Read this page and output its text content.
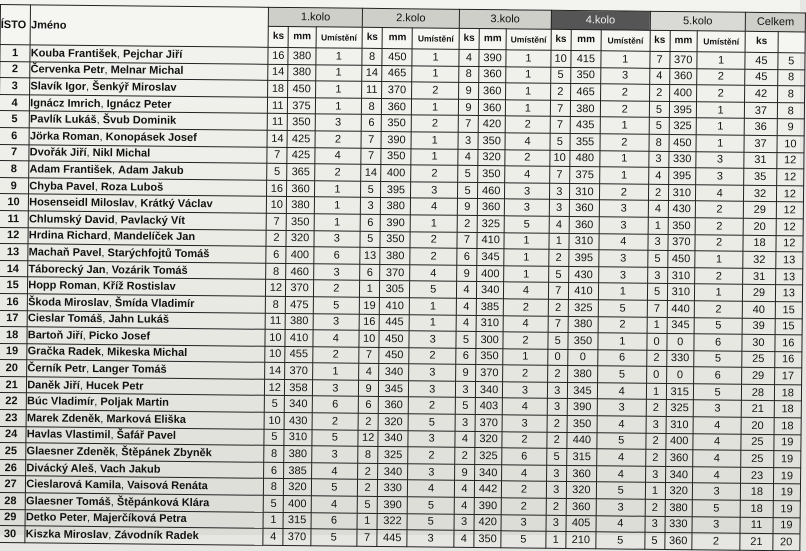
ÍSTO	Jméno	1.kolo			2.kolo			3.kolo			4.kolo			5.kolo			Celkem	
		ks	mm	Umístění	ks	mm	Umístění	ks	mm	Umístění	ks	mm	Umístění	ks	mm	Umístění	ks	
1	Kouba František, Pejchar Jiří	16	380	1	8	450	1	4	390	1	10	415	1	7	370	1	45	5
2	Červenka Petr, Melnar Michal	14	380	1	14	465	1	8	360	1	5	350	3	4	360	2	45	8
3	Slavík Igor, Šenkýř Miroslav	18	450	1	11	370	2	9	360	1	2	465	2	2	400	2	42	8
4	Ignácz Imrich, Ignácz Peter	11	375	1	8	360	1	9	360	1	7	380	2	5	395	1	37	8
5	Pavlík Lukáš, Švub Dominik	11	350	3	6	350	2	7	420	2	7	435	1	5	325	1	36	9
6	Jörka Roman, Konopásek Josef	14	425	2	7	390	1	3	350	4	5	355	2	8	450	1	37	10
7	Dvořák Jiří, Nikl Michal	7	425	4	7	350	1	4	320	2	10	480	1	3	330	3	31	12
8	Adam František, Adam Jakub	5	365	2	14	400	2	5	350	4	7	375	1	4	395	3	35	12
9	Chyba Pavel, Roza Luboš	16	360	1	5	395	3	5	460	3	3	310	2	2	310	4	32	12
10	Hosenseidl Miloslav, Krátký Václav	10	380	1	3	380	4	9	360	3	3	360	3	4	430	2	29	12
11	Chlumský David, Pavlacký Vít	7	350	1	6	390	1	2	325	5	4	360	3	1	350	2	20	12
12	Hrdina Richard, Mandelíček Jan	2	320	3	5	350	2	7	410	1	1	310	4	3	370	2	18	12
13	Machaň Pavel, Starýchfojtů Tomáš	6	400	6	13	380	2	6	345	1	2	395	3	5	450	1	32	13
14	Táborecký Jan, Vozárik Tomáš	8	460	3	6	370	4	9	400	1	5	430	3	3	310	2	31	13
15	Hopp Roman, Kříž Rostislav	12	370	2	1	305	5	4	340	4	7	410	1	5	310	1	29	13
16	Škoda Miroslav, Šmída Vladimír	8	475	5	19	410	1	4	385	2	2	325	5	7	440	2	40	15
17	Cieslar Tomáš, Jahn Lukáš	11	380	3	16	445	1	4	310	4	7	380	2	1	345	5	39	15
18	Bartoň Jiří, Picko Josef	10	410	4	10	450	3	5	300	2	5	350	1	0	0	6	30	16
19	Gračka Radek, Mikeska Michal	10	455	2	7	450	2	6	350	1	0	0	6	2	330	5	25	16
20	Černík Petr, Langer Tomáš	14	370	1	4	340	3	9	370	2	2	380	5	0	0	6	29	17
21	Daněk Jiří, Hucek Petr	12	358	3	9	345	3	3	340	3	3	345	4	1	315	5	28	18
22	Búc Vladimír, Poljak Martin	5	340	6	6	360	2	5	403	4	3	390	3	2	325	3	21	18
23	Marek Zdeněk, Marková Eliška	10	430	2	2	320	5	3	370	3	2	350	4	3	310	4	20	18
24	Havlas Vlastimil, Šafář Pavel	5	310	5	12	340	3	4	320	2	2	440	5	2	400	4	25	19
25	Glaesner Zdeněk, Štěpánek Zbyněk	8	380	3	8	325	2	2	325	6	5	315	4	2	360	4	25	19
26	Divácký Aleš, Vach Jakub	6	385	4	2	340	3	9	340	4	3	360	4	3	340	4	23	19
27	Cieslarová Kamila, Vaisová Renáta	8	320	5	2	330	4	4	442	2	3	320	5	1	320	3	18	19
28	Glaesner Tomáš, Štěpánková Klára	5	400	4	5	390	5	4	390	2	2	360	3	2	380	5	18	19
29	Detko Peter, Majerčíková Petra	1	315	6	1	322	5	3	420	3	3	405	4	3	330	3	11	19
30	Kiszka Miroslav, Závodník Radek	4	370	5	7	445	3	4	350	5	1	210	5	5	360	2	21	20
